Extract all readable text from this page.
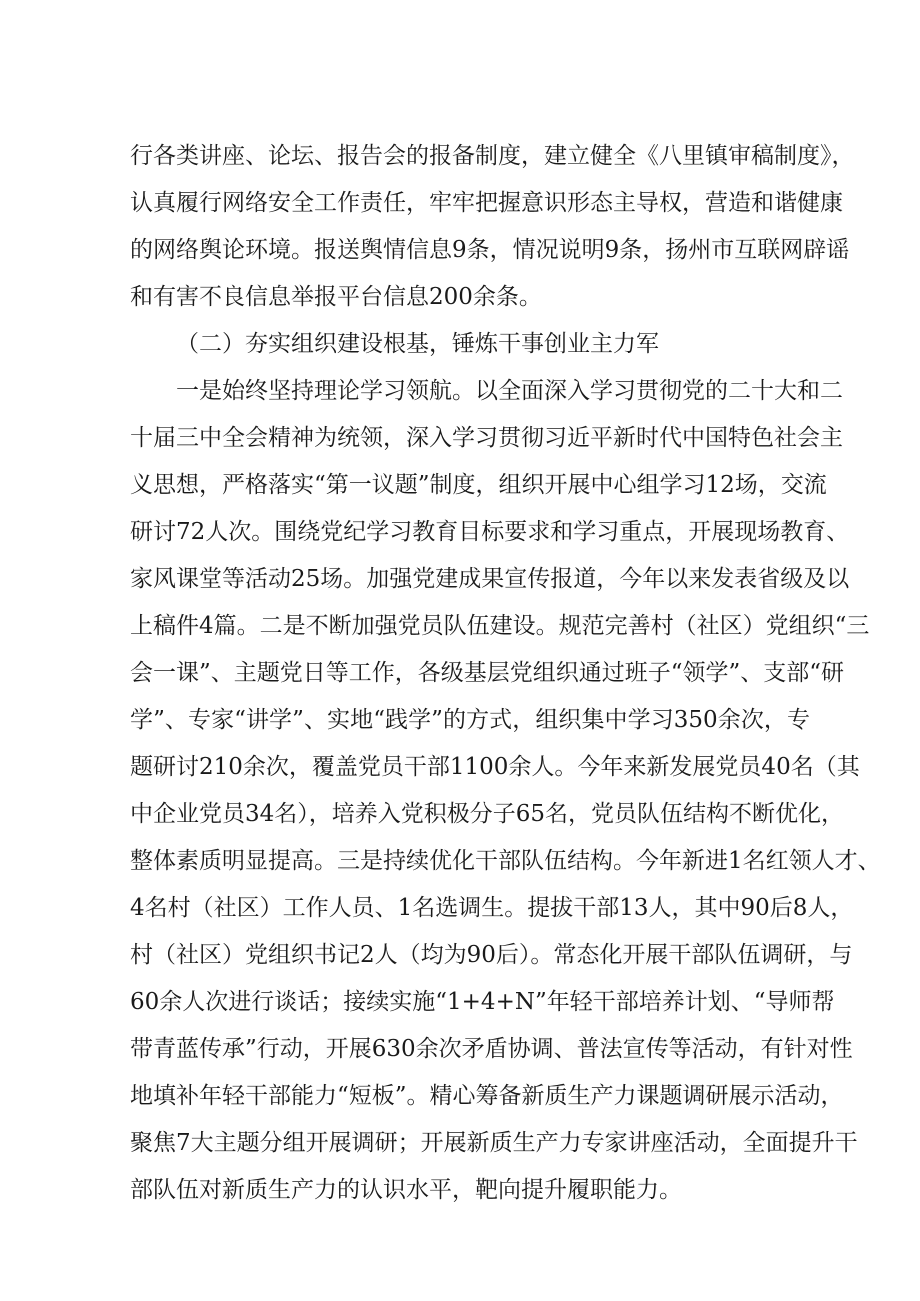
行各类讲座、论坛、报告会的报备制度，建立健全《八里镇审稿制度》，
认真履行网络安全工作责任，牢牢把握意识形态主导权，营造和谐健康
的网络舆论环境。报送舆情信息9条，情况说明9条，扬州市互联网辟谣
和有害不良信息举报平台信息200余条。
（二）夯实组织建设根基，锤炼干事创业主力军
一是始终坚持理论学习领航。以全面深入学习贯彻党的二十大和二
十届三中全会精神为统领，深入学习贯彻习近平新时代中国特色社会主
义思想，严格落实“第一议题”制度，组织开展中心组学习12场，交流
研讨72人次。围绕党纪学习教育目标要求和学习重点，开展现场教育、
家风课堂等活动25场。加强党建成果宣传报道，今年以来发表省级及以
上稿件4篇。二是不断加强党员队伍建设。规范完善村（社区）党组织“三
会一课”、主题党日等工作，各级基层党组织通过班子“领学”、支部“研
学”、专家“讲学”、实地“践学”的方式，组织集中学习350余次，专
题研讨210余次，覆盖党员干部1100余人。今年来新发展党员40名（其
中企业党员34名），培养入党积极分子65名，党员队伍结构不断优化，
整体素质明显提高。三是持续优化干部队伍结构。今年新进1名红领人才、
4名村（社区）工作人员、1名选调生。提拔干部13人，其中90后8人，
村（社区）党组织书记2人（均为90后）。常态化开展干部队伍调研，与
60余人次进行谈话；接续实施“1+4+N”年轻干部培养计划、“导师帮
带青蓝传承”行动，开展630余次矛盾协调、普法宣传等活动，有针对性
地填补年轻干部能力“短板”。精心筹备新质生产力课题调研展示活动，
聚焦7大主题分组开展调研；开展新质生产力专家讲座活动，全面提升干
部队伍对新质生产力的认识水平，靶向提升履职能力。
